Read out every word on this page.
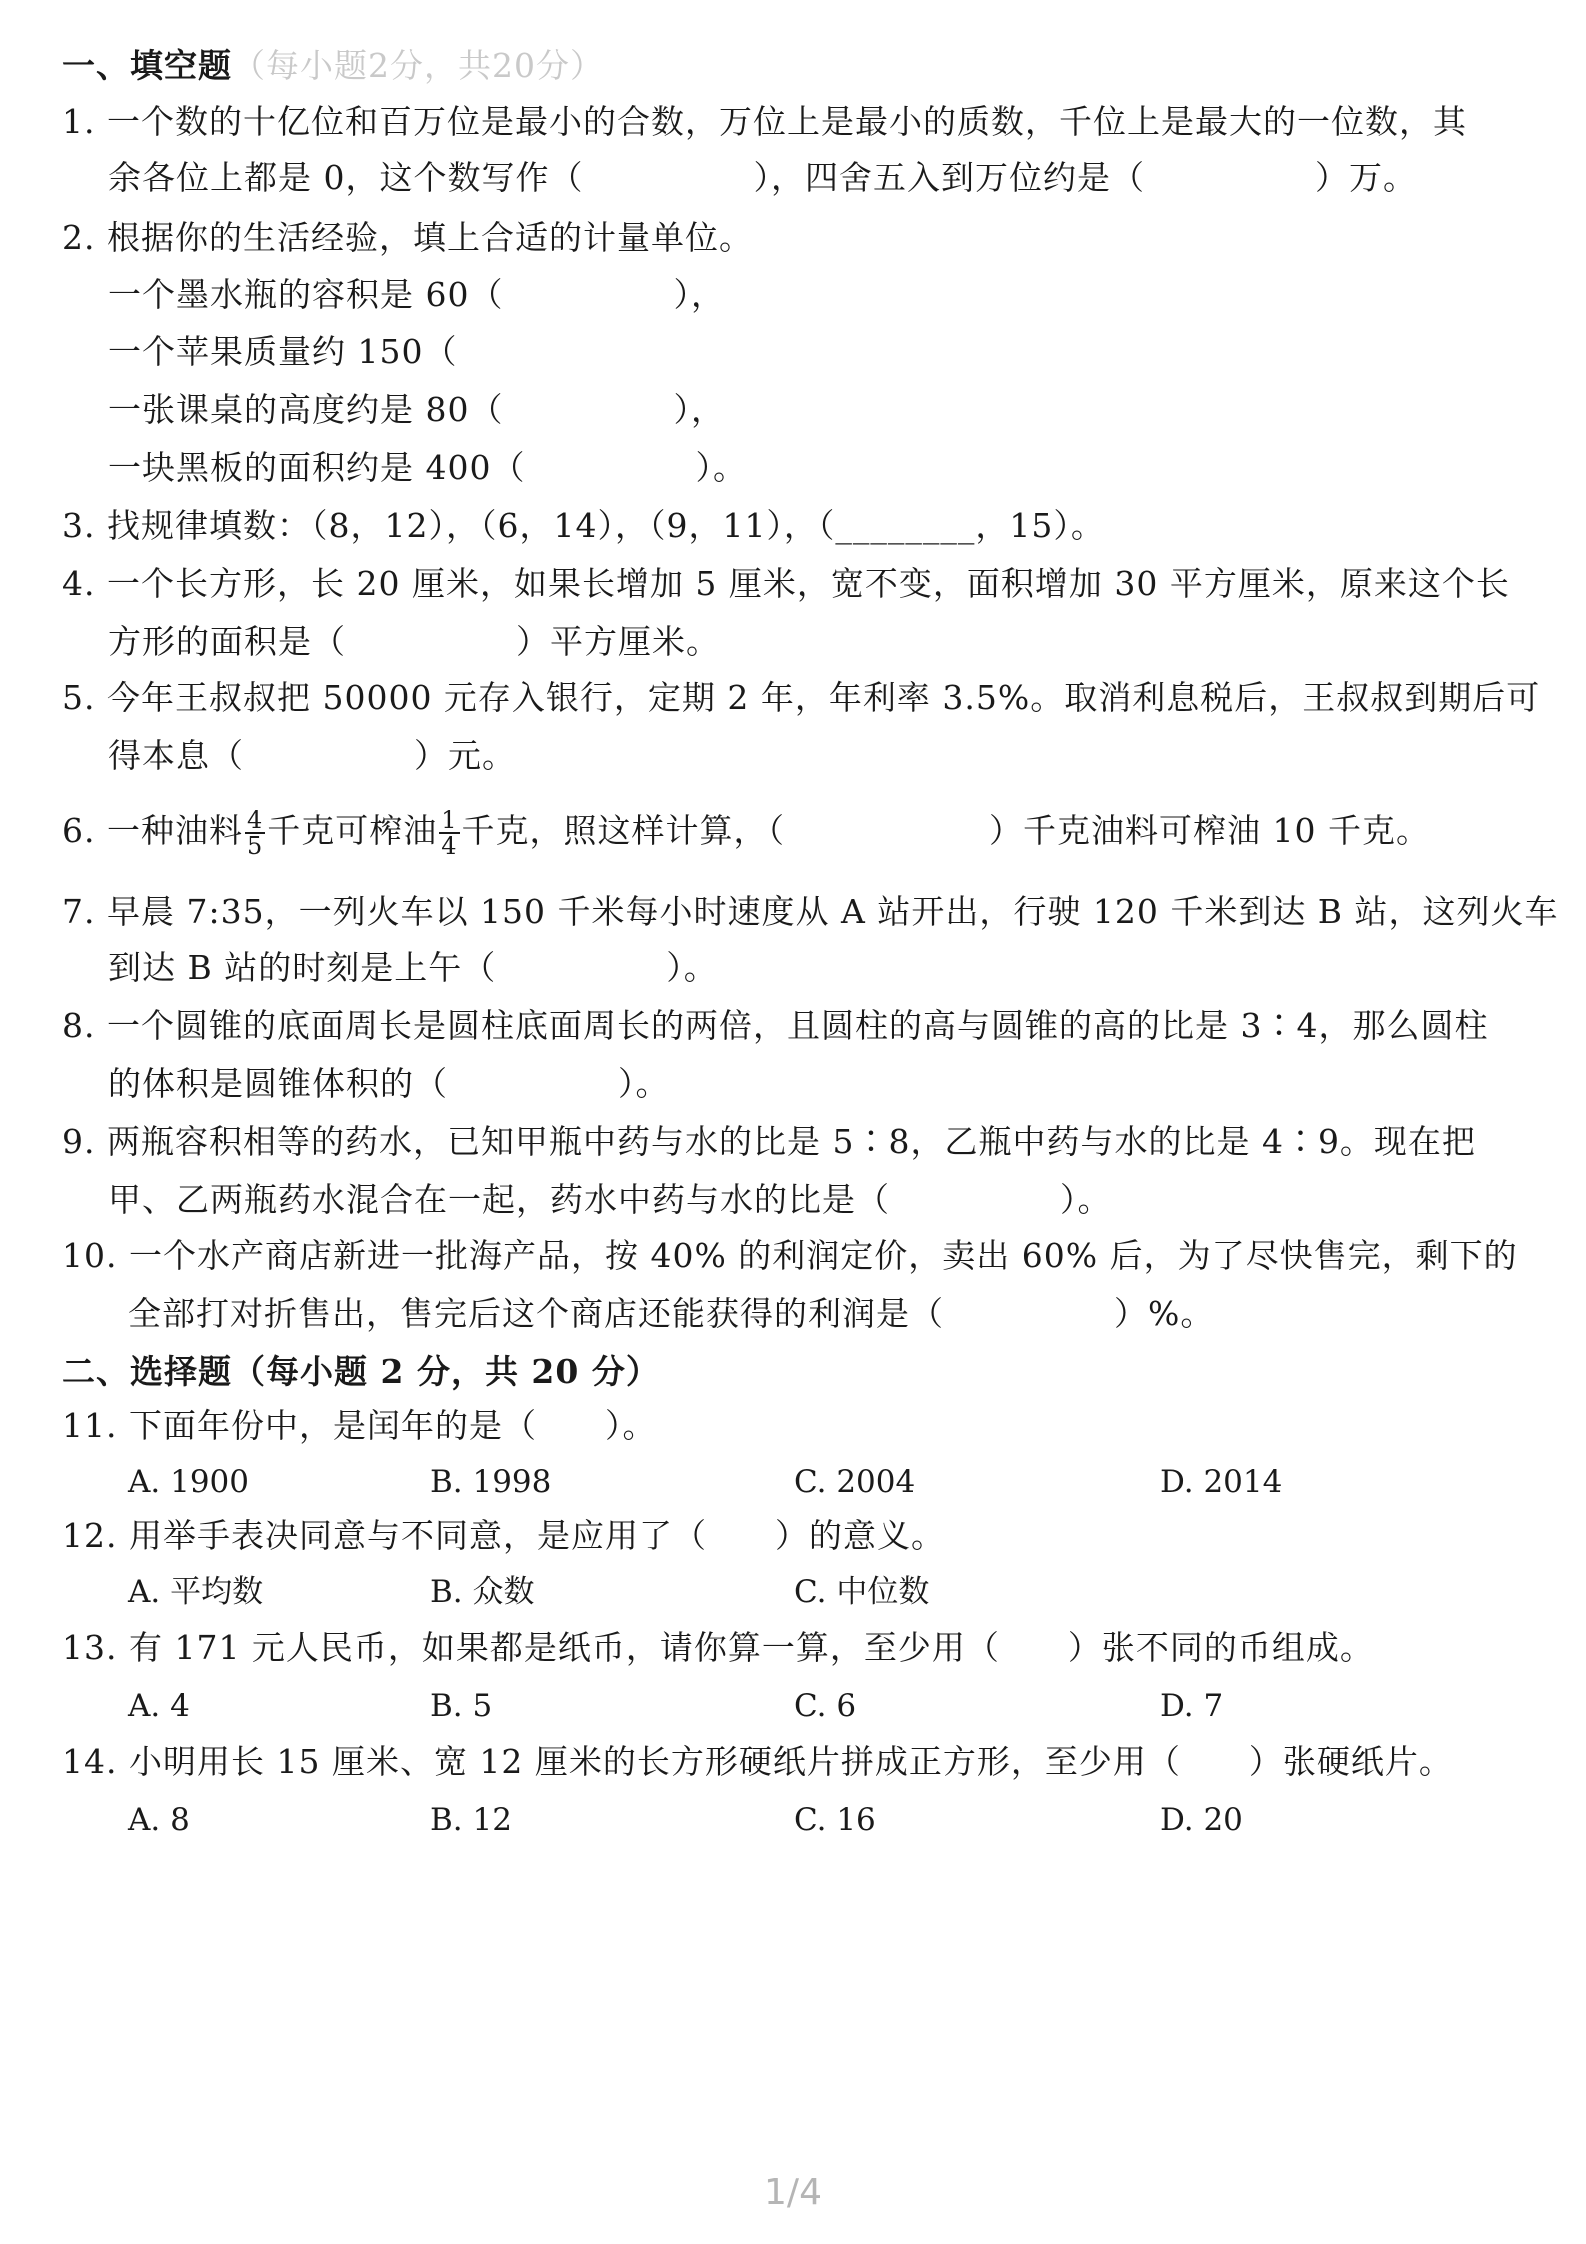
一、填空题（每小题2分，共20分）
1. 一个数的十亿位和百万位是最小的合数，万位上是最小的质数，千位上是最大的一位数，其
余各位上都是 0，这个数写作（　　　　　），四舍五入到万位约是（　　　　　）万。
2. 根据你的生活经验，填上合适的计量单位。
一个墨水瓶的容积是 60（　　　　　），
一个苹果质量约 150（
一张课桌的高度约是 80（　　　　　），
一块黑板的面积约是 400（　　　　　）。
3. 找规律填数：（8，12），（6，14），（9，11），（________，15）。
4. 一个长方形，长 20 厘米，如果长增加 5 厘米，宽不变，面积增加 30 平方厘米，原来这个长
方形的面积是（　　　　　）平方厘米。
5. 今年王叔叔把 50000 元存入银行，定期 2 年，年利率 3.5%。取消利息税后，王叔叔到期后可
得本息（　　　　　）元。
6. 一种油料 $\frac{4}{5}$ 千克可榨油 $\frac{1}{4}$ 千克，照这样计算，（　　　　　　）千克油料可榨油 10 千克。
7. 早晨 7:35，一列火车以 150 千米每小时速度从 A 站开出，行驶 120 千米到达 B 站，这列火车
到达 B 站的时刻是上午（　　　　　）。
8. 一个圆锥的底面周长是圆柱底面周长的两倍，且圆柱的高与圆锥的高的比是 3∶4，那么圆柱
的体积是圆锥体积的（　　　　　）。
9. 两瓶容积相等的药水，已知甲瓶中药与水的比是 5∶8，乙瓶中药与水的比是 4∶9。现在把
甲、乙两瓶药水混合在一起，药水中药与水的比是（　　　　　）。
10. 一个水产商店新进一批海产品，按 40% 的利润定价，卖出 60% 后，为了尽快售完，剩下的
全部打对折售出，售完后这个商店还能获得的利润是（　　　　　）%。
二、选择题（每小题 2 分，共 20 分）
11. 下面年份中，是闰年的是（　　）。
A. 1900	B. 1998	C. 2004	D. 2014
12. 用举手表决同意与不同意，是应用了（　　）的意义。
A. 平均数	B. 众数	C. 中位数
13. 有 171 元人民币，如果都是纸币，请你算一算，至少用（　　）张不同的币组成。
A. 4	B. 5	C. 6	D. 7
14. 小明用长 15 厘米、宽 12 厘米的长方形硬纸片拼成正方形，至少用（　　）张硬纸片。
A. 8	B. 12	C. 16	D. 20
1/4
